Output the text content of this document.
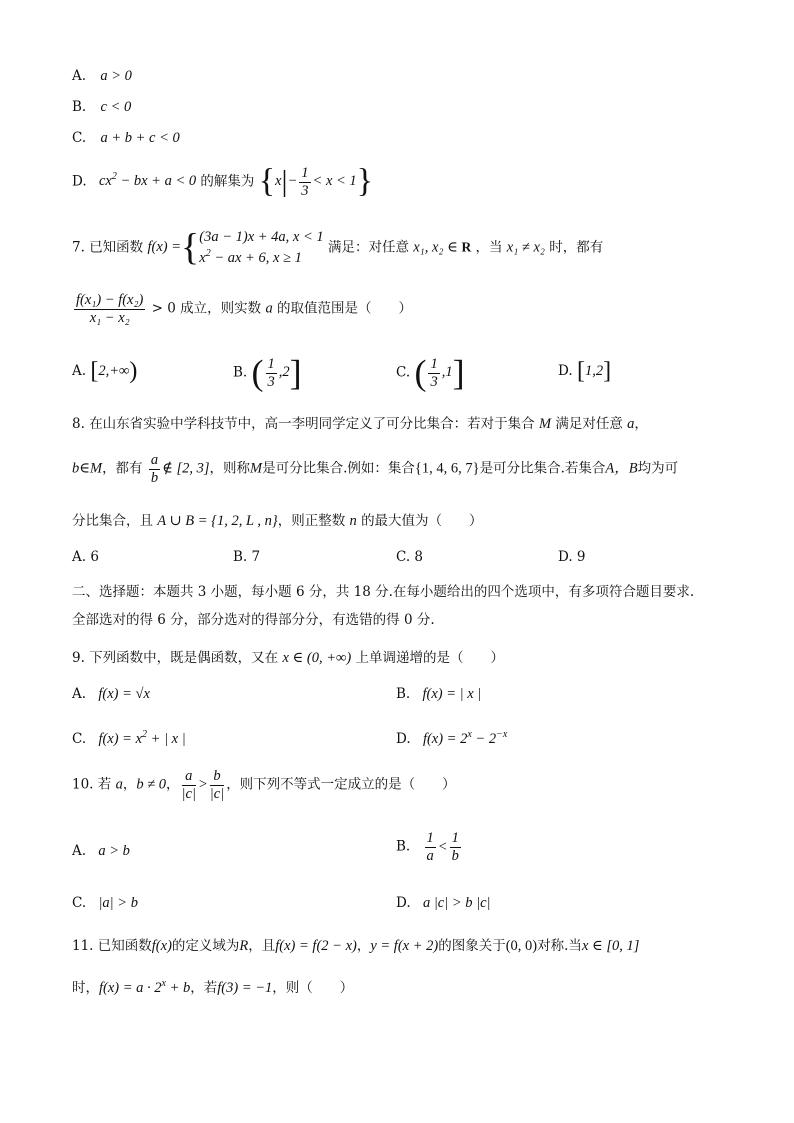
A. a > 0
B. c < 0
C. a + b + c < 0
D. $cx^2$ − bx + a < 0 的解集为 $\{x|- \frac{1}{3} < x < 1\}$
7. 已知函数 f(x) ={ (3a − 1)x + 4a, x < 1
$x^2$ − ax + 6, x ≥ 1
满足：对任意 x₁, x₂ ∈ R ，当 x₁ ≠ x₂ 时，都有
$\frac{\text{f(x₁) − f(x₂)}}{\text{x₁ − x₂}} > 0$ 成立，则实数 a 的取值范围是（　　）
A. [2,+∞)	B. ( $\frac{1}{3} ,2$]	C. ( $\frac{1}{3} ,1$]	D. [1,2]
8. 在山东省实验中学科技节中，高一李明同学定义了可分比集合：若对于集合 M 满足对任意 a，
b∈M，都有 $\frac{a}{b}$ ∉ [2, 3]，则称M是可分比集合.例如：集合{1, 4, 6, 7}是可分比集合.若集合A，B均为可
分比集合，且 A ∪ B = {1, 2, L , n}，则正整数 n 的最大值为（　　）
A. 6	B. 7	C. 8	D. 9
二、选择题：本题共 3 小题，每小题 6 分，共 18 分.在每小题给出的四个选项中，有多项符合题目要求.
全部选对的得 6 分，部分选对的得部分分，有选错的得 0 分.
9. 下列函数中，既是偶函数，又在 x ∈ (0, +∞) 上单调递增的是（　　）
A. f(x) = √x	B. f(x) = | x |
C. $f(x) = x^2$ + | x |	D. $f(x) = 2^x - 2^{-x}$
10. 若 a，b ≠ 0， $\frac{a}{|c|} > \frac{b}{|c|}$ ，则下列不等式一定成立的是（　　）
A. a > b	B. $\frac{1}{a} < \frac{1}{b}$
C. |a| > b	D. a |c| > b |c|
11. 已知函数f(x)的定义域为R，且f(x) = f(2 − x)，y = f(x + 2)的图象关于(0, 0)对称.当x ∈ [0, 1]
时，$f(x) = a \cdot 2^x + b$，若f(3) = −1，则（　　）
